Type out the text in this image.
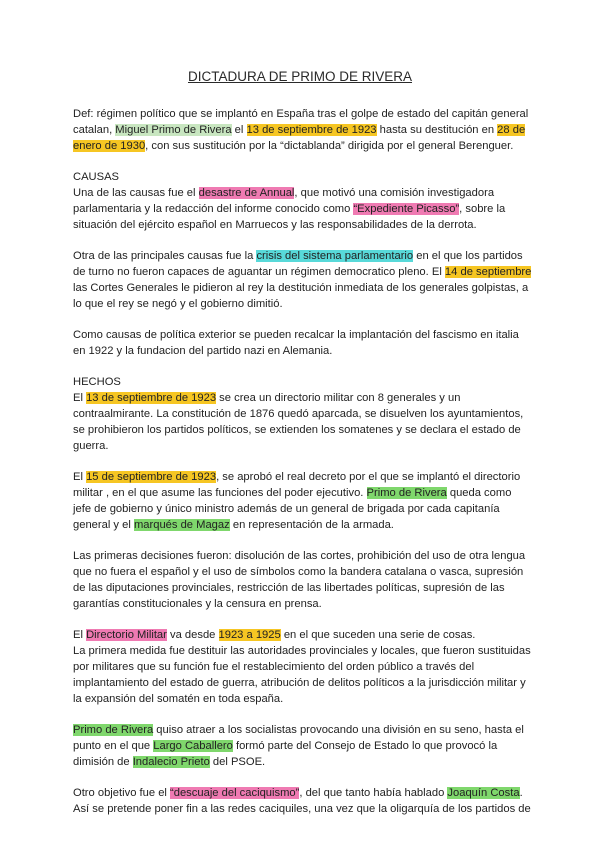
DICTADURA DE PRIMO DE RIVERA

Def: régimen político que se implantó en España tras el golpe de estado del capitán general
catalan, Miguel Primo de Rivera el 13 de septiembre de 1923 hasta su destitución en 28 de
enero de 1930, con sus sustitución por la “dictablanda” dirigida por el general Berenguer.

CAUSAS

Una de las causas fue el desastre de Annual, que motivó una comisión investigadora
parlamentaria y la redacción del informe conocido como “Expediente Picasso”, sobre la
situación del ejército español en Marruecos y las responsabilidades de la derrota.

Otra de las principales causas fue la crisis del sistema parlamentario en el que los partidos
de turno no fueron capaces de aguantar un régimen democratico pleno. El 14 de septiembre
las Cortes Generales le pidieron al rey la destitución inmediata de los generales golpistas, a
lo que el rey se negó y el gobierno dimitió.

Como causas de política exterior se pueden recalcar la implantación del fascismo en italia
en 1922 y la fundacion del partido nazi en Alemania.

HECHOS

El 13 de septiembre de 1923 se crea un directorio militar con 8 generales y un
contraalmirante. La constitución de 1876 quedó aparcada, se disuelven los ayuntamientos,
se prohibieron los partidos políticos, se extienden los somatenes y se declara el estado de
guerra.

El 15 de septiembre de 1923, se aprobó el real decreto por el que se implantó el directorio
militar , en el que asume las funciones del poder ejecutivo. Primo de Rivera queda como
jefe de gobierno y único ministro además de un general de brigada por cada capitanía
general y el marqués de Magaz en representación de la armada.

Las primeras decisiones fueron: disolución de las cortes, prohibición del uso de otra lengua
que no fuera el español y el uso de símbolos como la bandera catalana o vasca, supresión
de las diputaciones provinciales, restricción de las libertades políticas, supresión de las
garantías constitucionales y la censura en prensa.

El Directorio Militar va desde 1923 a 1925 en el que suceden una serie de cosas.
La primera medida fue destituir las autoridades provinciales y locales, que fueron sustituidas
por militares que su función fue el restablecimiento del orden público a través del
implantamiento del estado de guerra, atribución de delitos políticos a la jurisdicción militar y
la expansión del somatén en toda españa.

Primo de Rivera quiso atraer a los socialistas provocando una división en su seno, hasta el
punto en el que Largo Caballero formó parte del Consejo de Estado lo que provocó la
dimisión de Indalecio Prieto del PSOE.

Otro objetivo fue el “descuaje del caciquismo”, del que tanto había hablado Joaquín Costa.
Así se pretende poner fin a las redes caciquiles, una vez que la oligarquía de los partidos de
